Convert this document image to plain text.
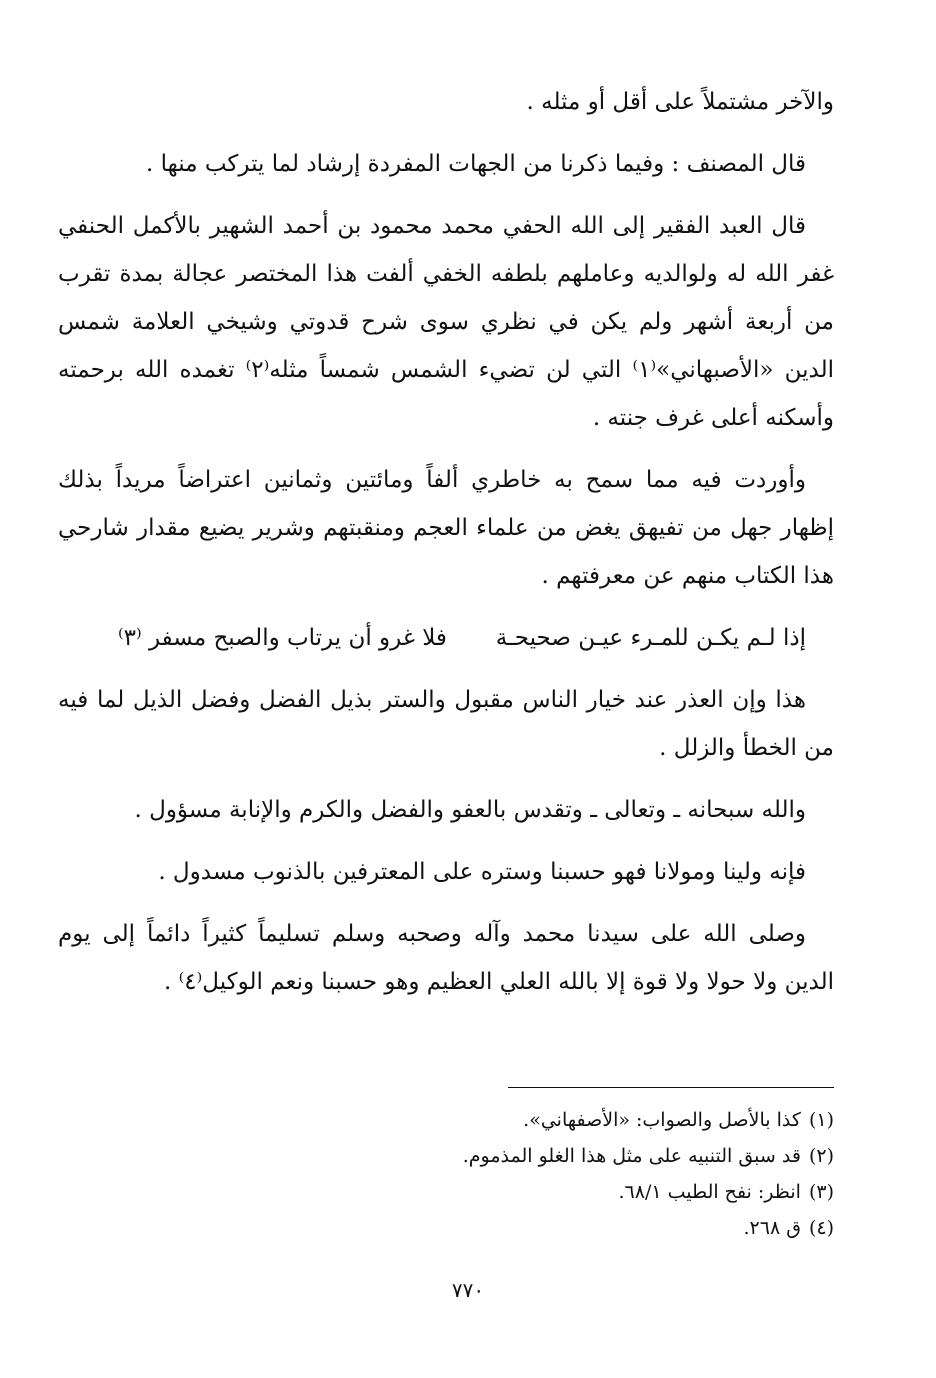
والآخر مشتملاً على أقل أو مثله .

قال المصنف : وفيما ذكرنا من الجهات المفردة إرشاد لما يتركب منها .

قال العبد الفقير إلى الله الحفي محمد محمود بن أحمد الشهير بالأكمل الحنفي غفر الله له ولوالديه وعاملهم بلطفه الخفي ألفت هذا المختصر عجالة بمدة تقرب من أربعة أشهر ولم يكن في نظري سوى شرح قدوتي وشيخي العلامة شمس الدين «الأصبهاني»⁽١⁾ التي لن تضيء الشمس شمساً مثله⁽٢⁾ تغمده الله برحمته وأسكنه أعلى غرف جنته .

وأوردت فيه مما سمح به خاطري ألفاً ومائتين وثمانين اعتراضاً مريداً بذلك إظهار جهل من تفيهق يغض من علماء العجم ومنقبتهم وشرير يضيع مقدار شارحي هذا الكتاب منهم عن معرفتهم .

إذا لـم يكـن للمـرء عيـن صحيحـة
فلا غرو أن يرتاب والصبح مسفر ⁽٣⁾

هذا وإن العذر عند خيار الناس مقبول والستر بذيل الفضل وفضل الذيل لما فيه من الخطأ والزلل .

والله سبحانه ـ وتعالى ـ وتقدس بالعفو والفضل والكرم والإنابة مسؤول .

فإنه ولينا ومولانا فهو حسبنا وستره على المعترفين بالذنوب مسدول .

وصلى الله على سيدنا محمد وآله وصحبه وسلم تسليماً كثيراً دائماً إلى يوم الدين ولا حولا ولا قوة إلا بالله العلي العظيم وهو حسبنا ونعم الوكيل⁽٤⁾ .

(١)كذا بالأصل والصواب: «الأصفهاني».
(٢)قد سبق التنبيه على مثل هذا الغلو المذموم.
(٣)انظر: نفح الطيب ٦٨/١.
(٤)ق ٢٦٨.
٧٧٠
